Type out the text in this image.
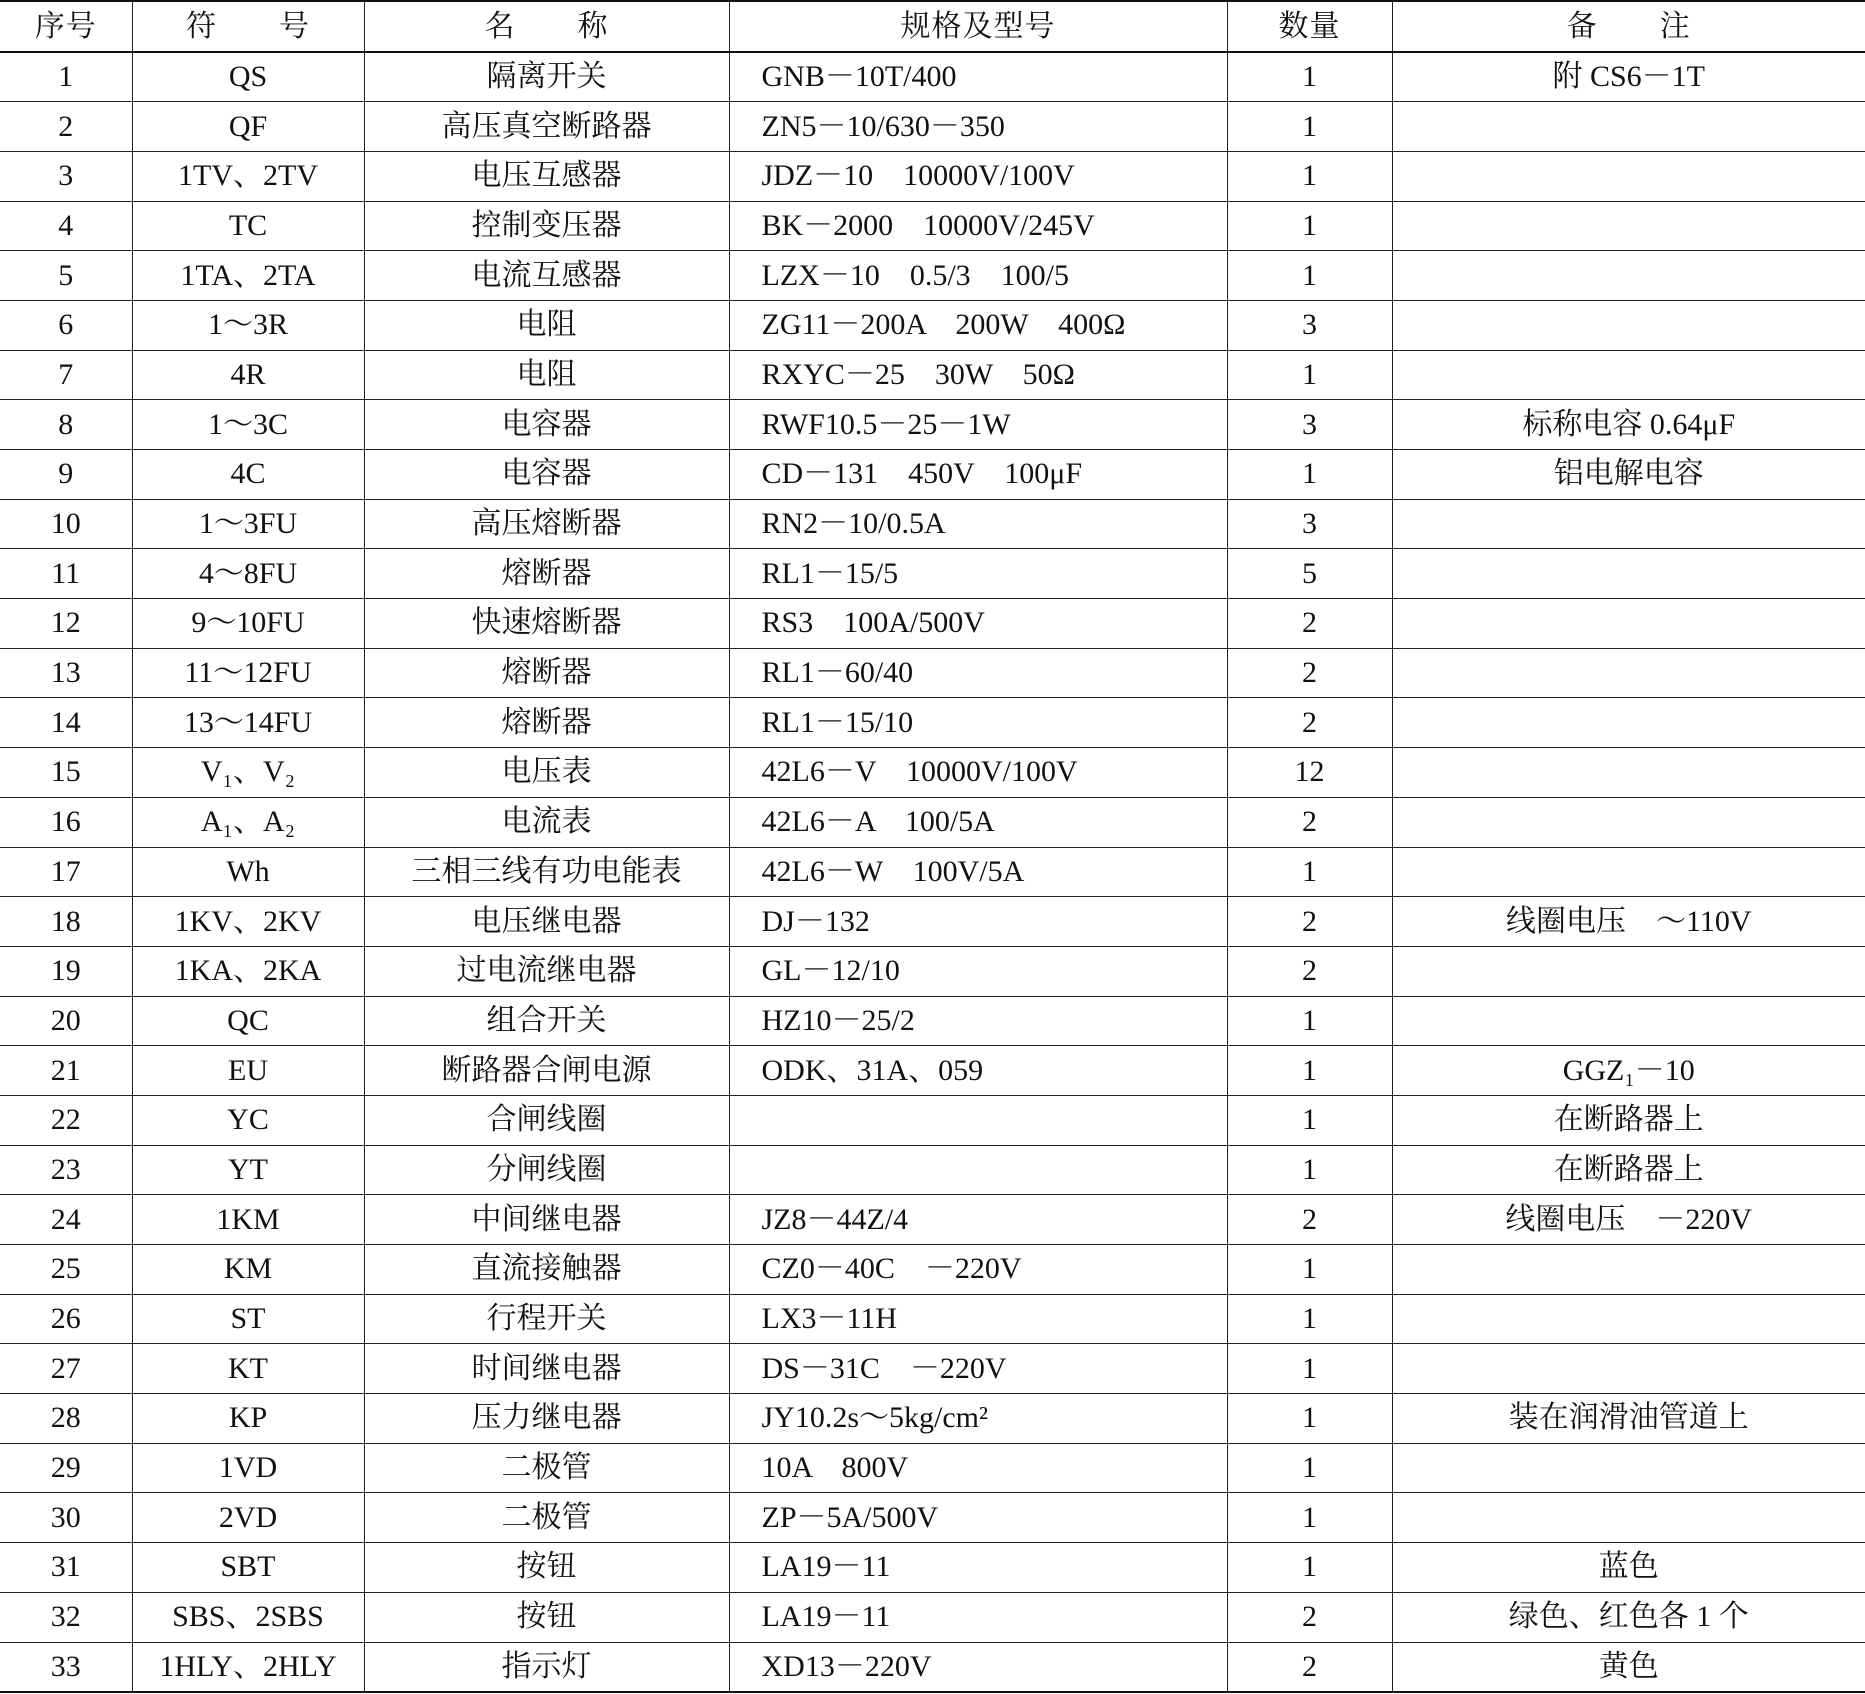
序号	符　　号	名　　称	规格及型号	数量	备　　注
1	QS	隔离开关	GNB－10T/400	1	附 CS6－1T
2	QF	高压真空断路器	ZN5－10/630－350	1	
3	1TV、2TV	电压互感器	JDZ－10　10000V/100V	1	
4	TC	控制变压器	BK－2000　10000V/245V	1	
5	1TA、2TA	电流互感器	LZX－10　0.5/3　100/5	1	
6	1～3R	电阻	ZG11－200A　200W　400Ω	3	
7	4R	电阻	RXYC－25　30W　50Ω	1	
8	1～3C	电容器	RWF10.5－25－1W	3	标称电容 0.64μF
9	4C	电容器	CD－131　450V　100μF	1	铝电解电容
10	1～3FU	高压熔断器	RN2－10/0.5A	3	
11	4～8FU	熔断器	RL1－15/5	5	
12	9～10FU	快速熔断器	RS3　100A/500V	2	
13	11～12FU	熔断器	RL1－60/40	2	
14	13～14FU	熔断器	RL1－15/10	2	
15	V₁、V₂	电压表	42L6－V　10000V/100V	12	
16	A₁、A₂	电流表	42L6－A　100/5A	2	
17	Wh	三相三线有功电能表	42L6－W　100V/5A	1	
18	1KV、2KV	电压继电器	DJ－132	2	线圈电压　～110V
19	1KA、2KA	过电流继电器	GL－12/10	2	
20	QC	组合开关	HZ10－25/2	1	
21	EU	断路器合闸电源	ODK、31A、059	1	GGZ₁－10
22	YC	合闸线圈		1	在断路器上
23	YT	分闸线圈		1	在断路器上
24	1KM	中间继电器	JZ8－44Z/4	2	线圈电压　－220V
25	KM	直流接触器	CZ0－40C　－220V	1	
26	ST	行程开关	LX3－11H	1	
27	KT	时间继电器	DS－31C　－220V	1	
28	KP	压力继电器	JY10.2s～5kg/cm²	1	装在润滑油管道上
29	1VD	二极管	10A　800V	1	
30	2VD	二极管	ZP－5A/500V	1	
31	SBT	按钮	LA19－11	1	蓝色
32	SBS、2SBS	按钮	LA19－11	2	绿色、红色各 1 个
33	1HLY、2HLY	指示灯	XD13－220V	2	黄色
